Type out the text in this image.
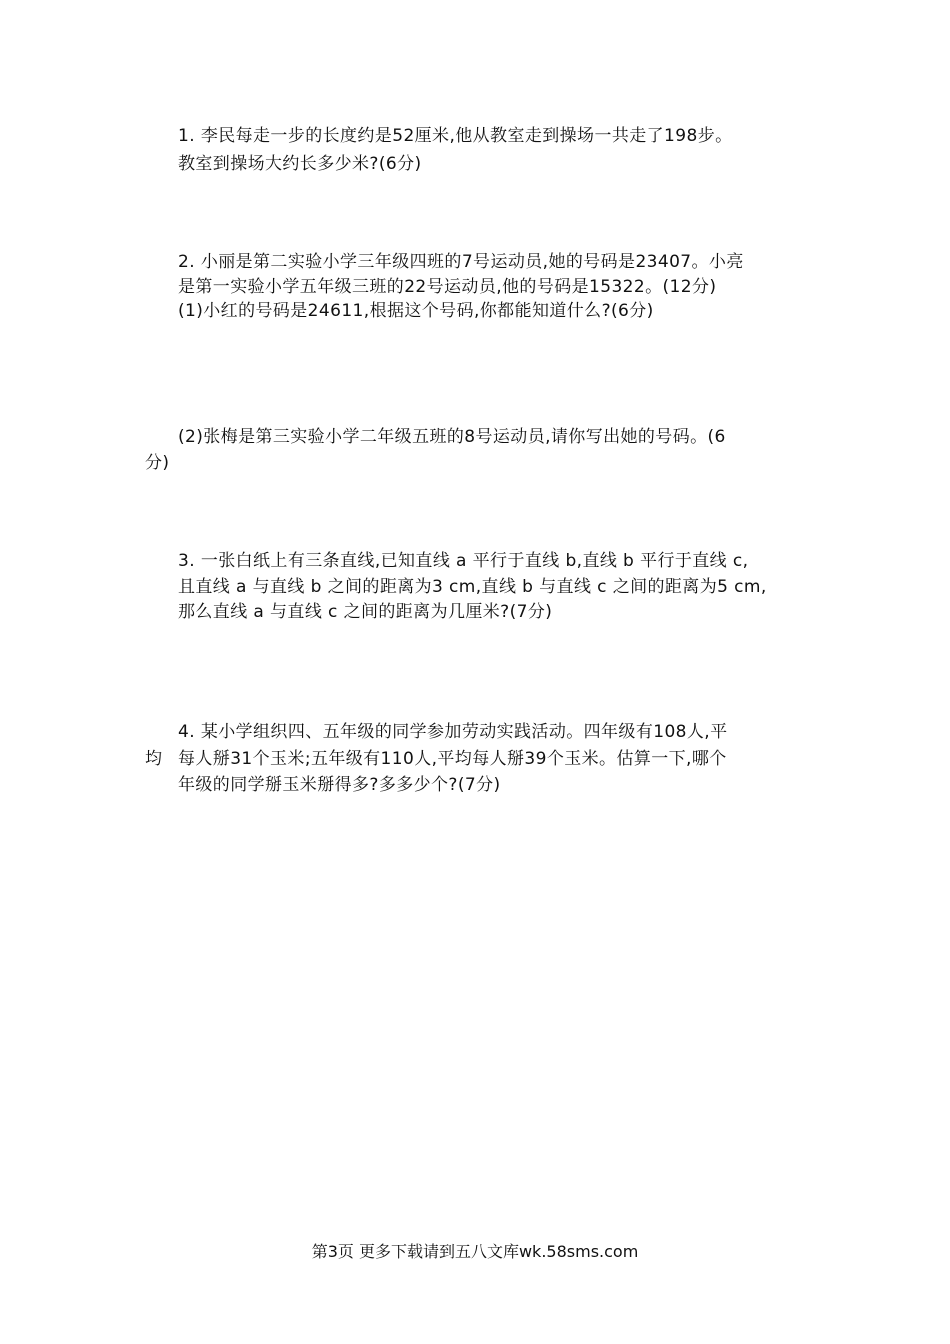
1. 李民每走一步的长度约是52厘米,他从教室走到操场一共走了198步。
教室到操场大约长多少米?(6分)
2. 小丽是第二实验小学三年级四班的7号运动员,她的号码是23407。小亮
是第一实验小学五年级三班的22号运动员,他的号码是15322。(12分)
(1)小红的号码是24611,根据这个号码,你都能知道什么?(6分)
(2)张梅是第三实验小学二年级五班的8号运动员,请你写出她的号码。(6
分)
3. 一张白纸上有三条直线,已知直线 a 平行于直线 b,直线 b 平行于直线 c,
且直线 a 与直线 b 之间的距离为3 cm,直线 b 与直线 c 之间的距离为5 cm,
那么直线 a 与直线 c 之间的距离为几厘米?(7分)
4. 某小学组织四、五年级的同学参加劳动实践活动。四年级有108人,平
均 每人掰31个玉米;五年级有110人,平均每人掰39个玉米。估算一下,哪个
年级的同学掰玉米掰得多?多多少个?(7分)
第3页 更多下载请到五八文库wk.58sms.com
